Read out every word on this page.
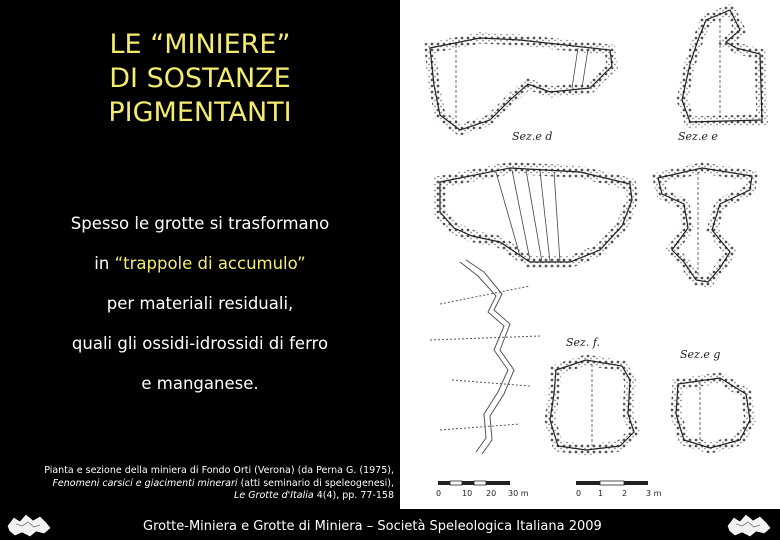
LE “MINIERE”
DI SOSTANZE
PIGMENTANTI
Spesso le grotte si trasformano
in “trappole di accumulo”
per materiali residuali,
quali gli ossidi-idrossidi di ferro
e manganese.
Pianta e sezione della miniera di Fondo Orti (Verona) (da Perna G. (1975),
Fenomeni carsici e giacimenti minerari (atti seminario di speleogenesi),
Le Grotte d'Italia 4(4), pp. 77-158
Sez.e d	Sez.e e
Sez. f.
Sez.e g
0	10 20 30 m	0 1 2 3 m
Grotte-Miniera e Grotte di Miniera – Società Speleologica Italiana 2009
